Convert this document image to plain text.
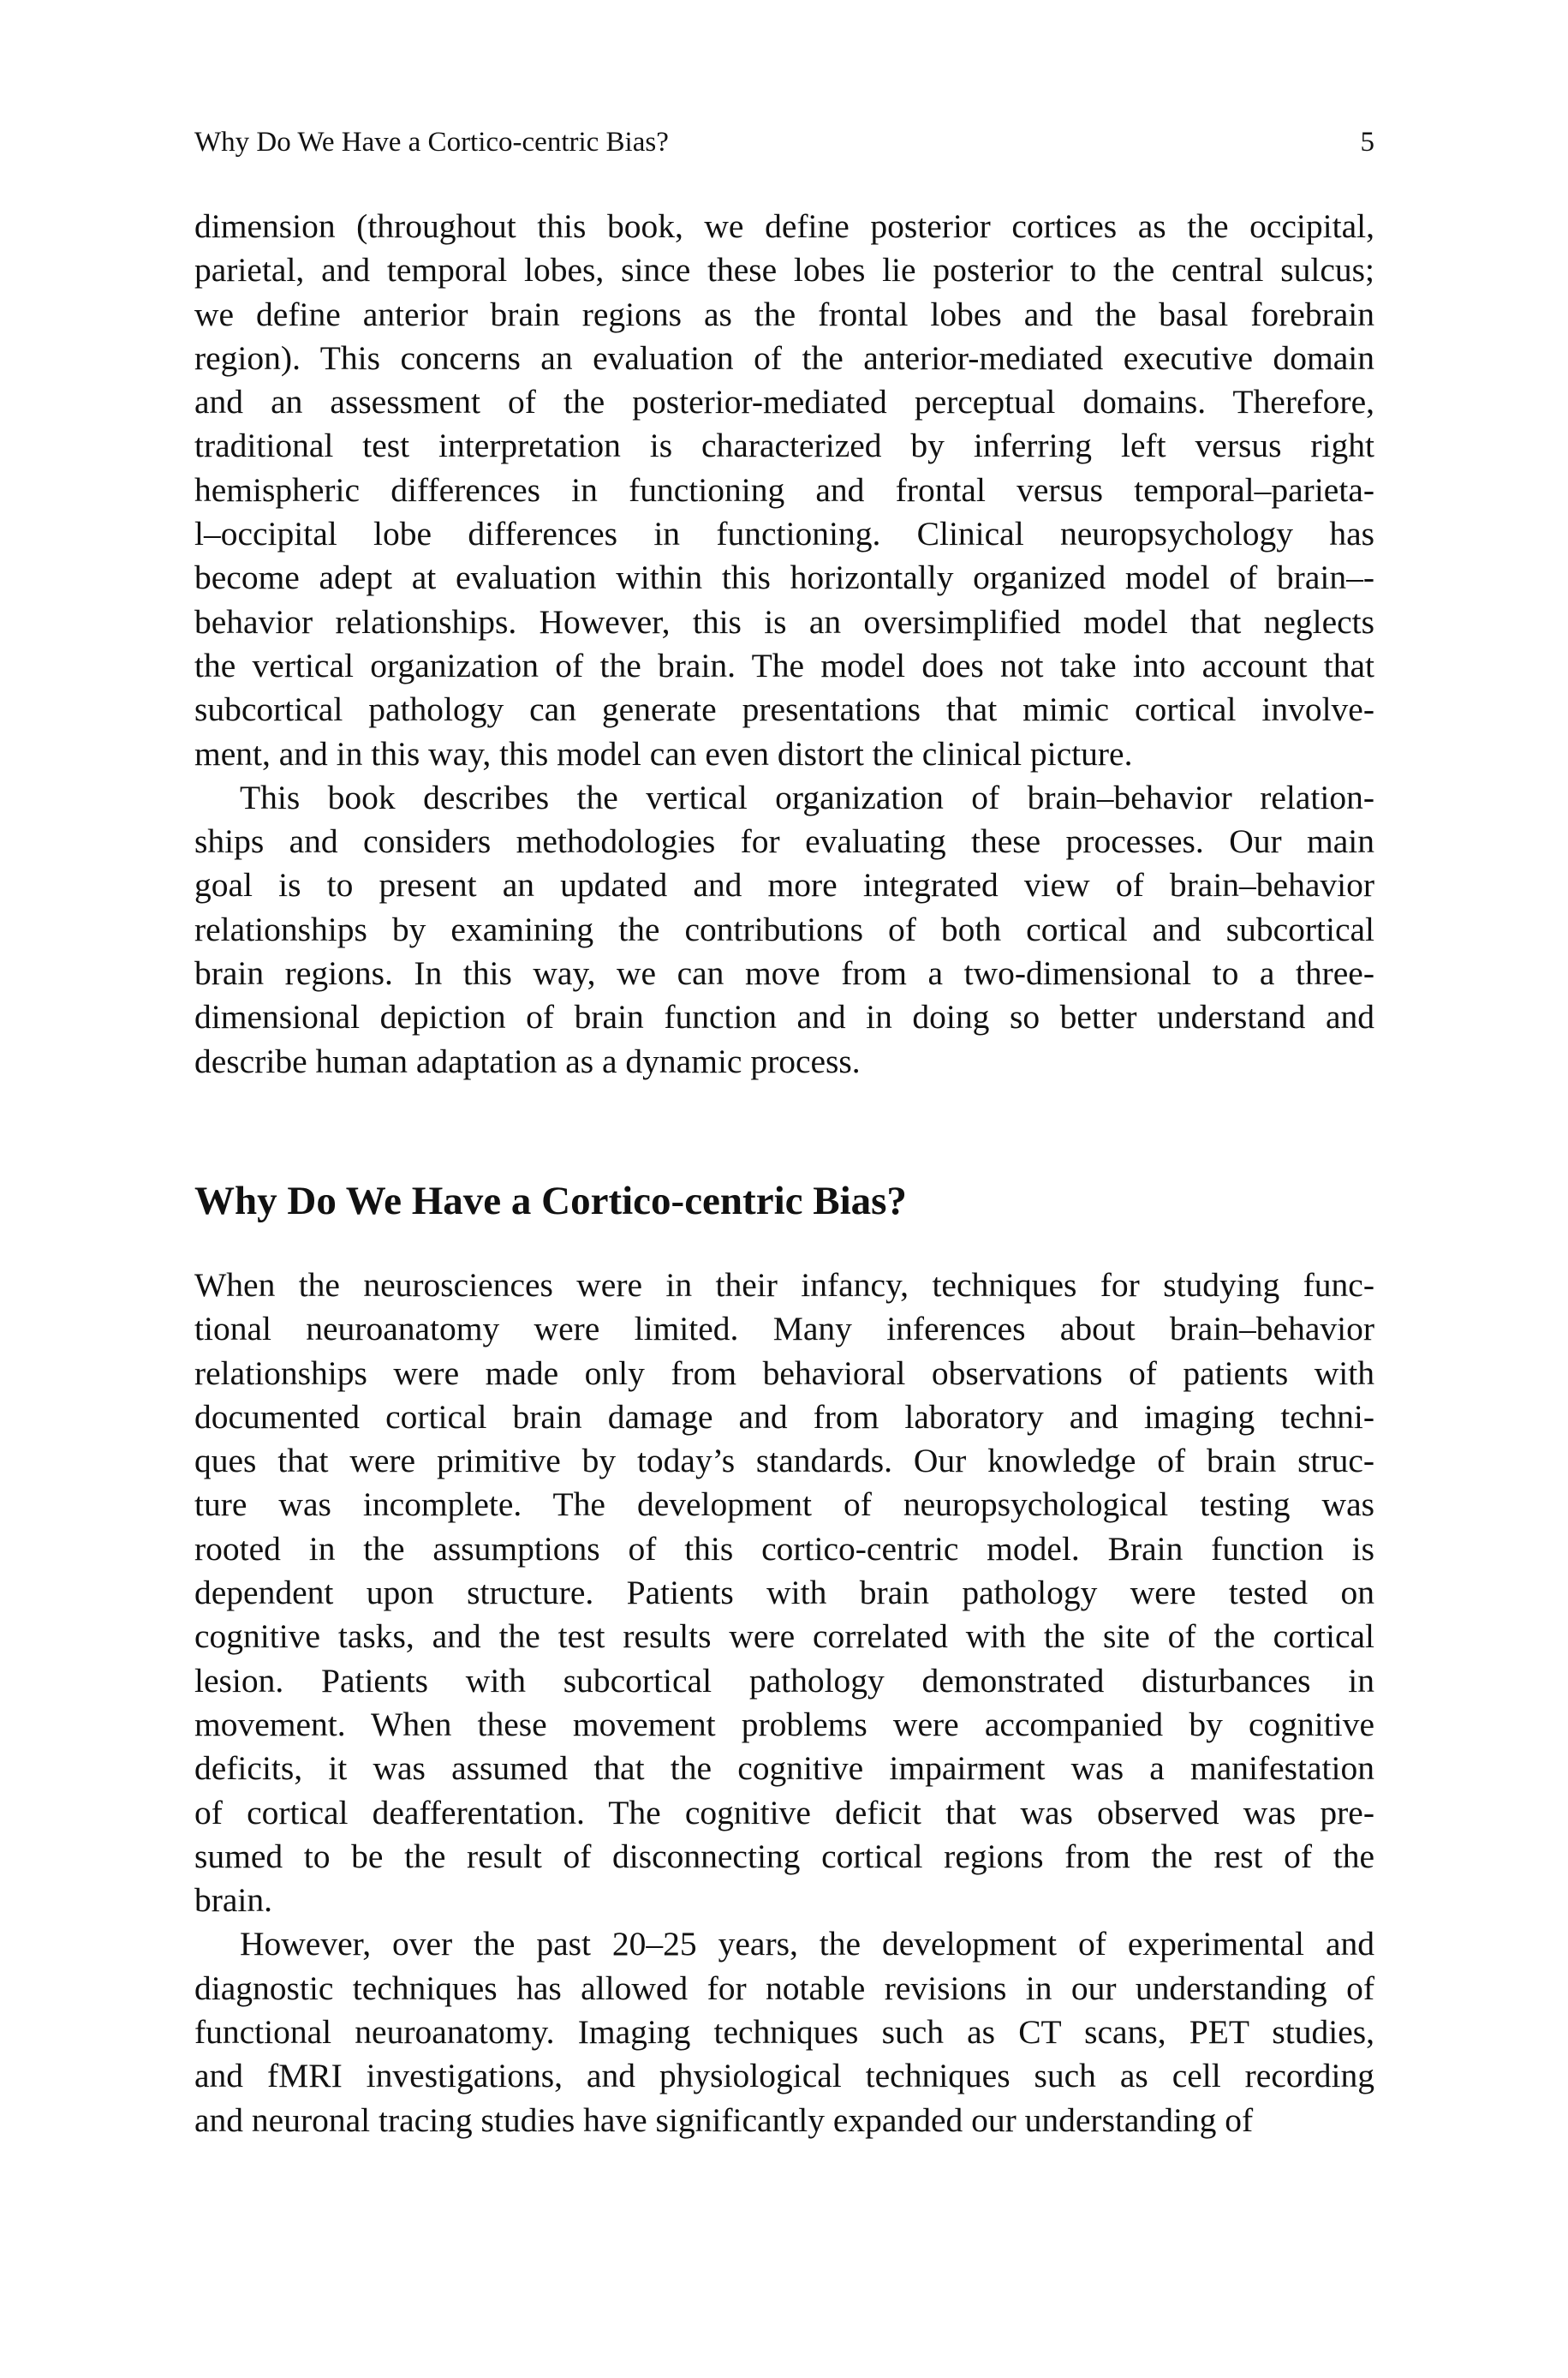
Why Do We Have a Cortico-centric Bias?	5
dimension (throughout this book, we define posterior cortices as the occipital,
parietal, and temporal lobes, since these lobes lie posterior to the central sulcus;
we define anterior brain regions as the frontal lobes and the basal forebrain
region). This concerns an evaluation of the anterior-mediated executive domain
and an assessment of the posterior-mediated perceptual domains. Therefore,
traditional test interpretation is characterized by inferring left versus right
hemispheric differences in functioning and frontal versus temporal–parieta-
l–occipital lobe differences in functioning. Clinical neuropsychology has
become adept at evaluation within this horizontally organized model of brain–-
behavior relationships. However, this is an oversimplified model that neglects
the vertical organization of the brain. The model does not take into account that
subcortical pathology can generate presentations that mimic cortical involve-
ment, and in this way, this model can even distort the clinical picture.
This book describes the vertical organization of brain–behavior relation-
ships and considers methodologies for evaluating these processes. Our main
goal is to present an updated and more integrated view of brain–behavior
relationships by examining the contributions of both cortical and subcortical
brain regions. In this way, we can move from a two-dimensional to a three-
dimensional depiction of brain function and in doing so better understand and
describe human adaptation as a dynamic process.
Why Do We Have a Cortico-centric Bias?
When the neurosciences were in their infancy, techniques for studying func-
tional neuroanatomy were limited. Many inferences about brain–behavior
relationships were made only from behavioral observations of patients with
documented cortical brain damage and from laboratory and imaging techni-
ques that were primitive by today’s standards. Our knowledge of brain struc-
ture was incomplete. The development of neuropsychological testing was
rooted in the assumptions of this cortico-centric model. Brain function is
dependent upon structure. Patients with brain pathology were tested on
cognitive tasks, and the test results were correlated with the site of the cortical
lesion. Patients with subcortical pathology demonstrated disturbances in
movement. When these movement problems were accompanied by cognitive
deficits, it was assumed that the cognitive impairment was a manifestation
of cortical deafferentation. The cognitive deficit that was observed was pre-
sumed to be the result of disconnecting cortical regions from the rest of the
brain.
However, over the past 20–25 years, the development of experimental and
diagnostic techniques has allowed for notable revisions in our understanding of
functional neuroanatomy. Imaging techniques such as CT scans, PET studies,
and fMRI investigations, and physiological techniques such as cell recording
and neuronal tracing studies have significantly expanded our understanding of
